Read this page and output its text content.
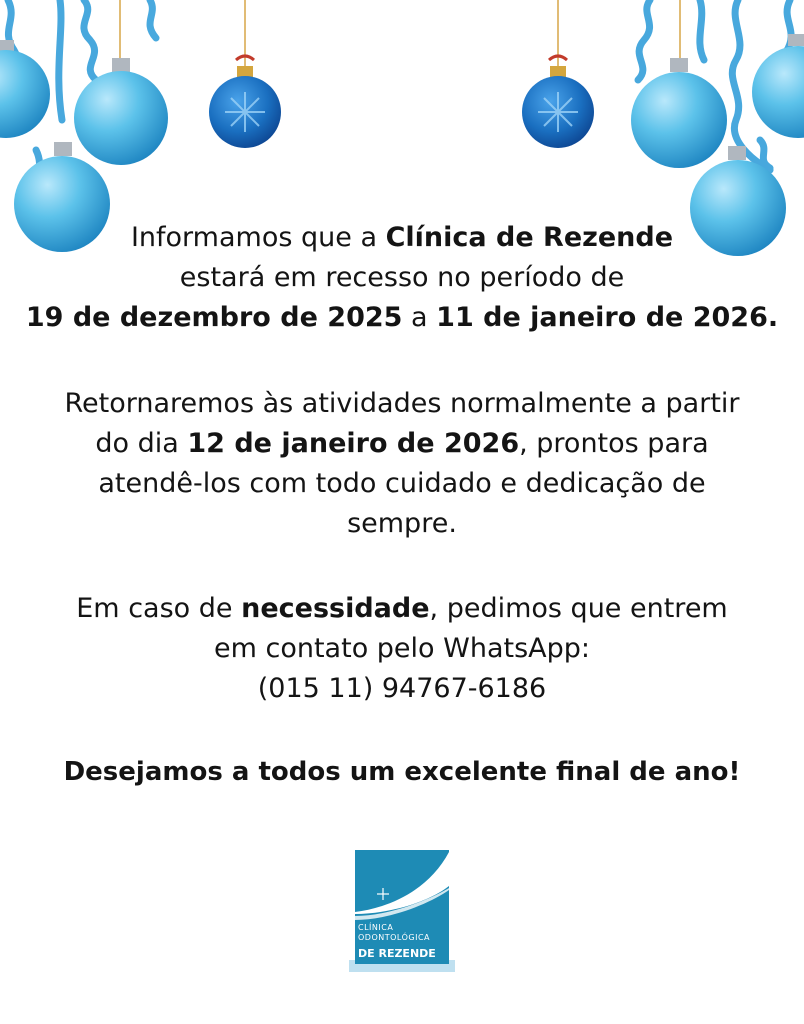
Informamos que a Clínica de Rezende
estará em recesso no período de
19 de dezembro de 2025 a 11 de janeiro de 2026.
Retornaremos às atividades normalmente a partir
do dia 12 de janeiro de 2026, prontos para
atendê-los com todo cuidado e dedicação de
sempre.
Em caso de necessidade, pedimos que entrem
em contato pelo WhatsApp:
(015 11) 94767-6186
Desejamos a todos um excelente final de ano!
CLÍNICA
ODONTOLÓGICA
DE REZENDE
